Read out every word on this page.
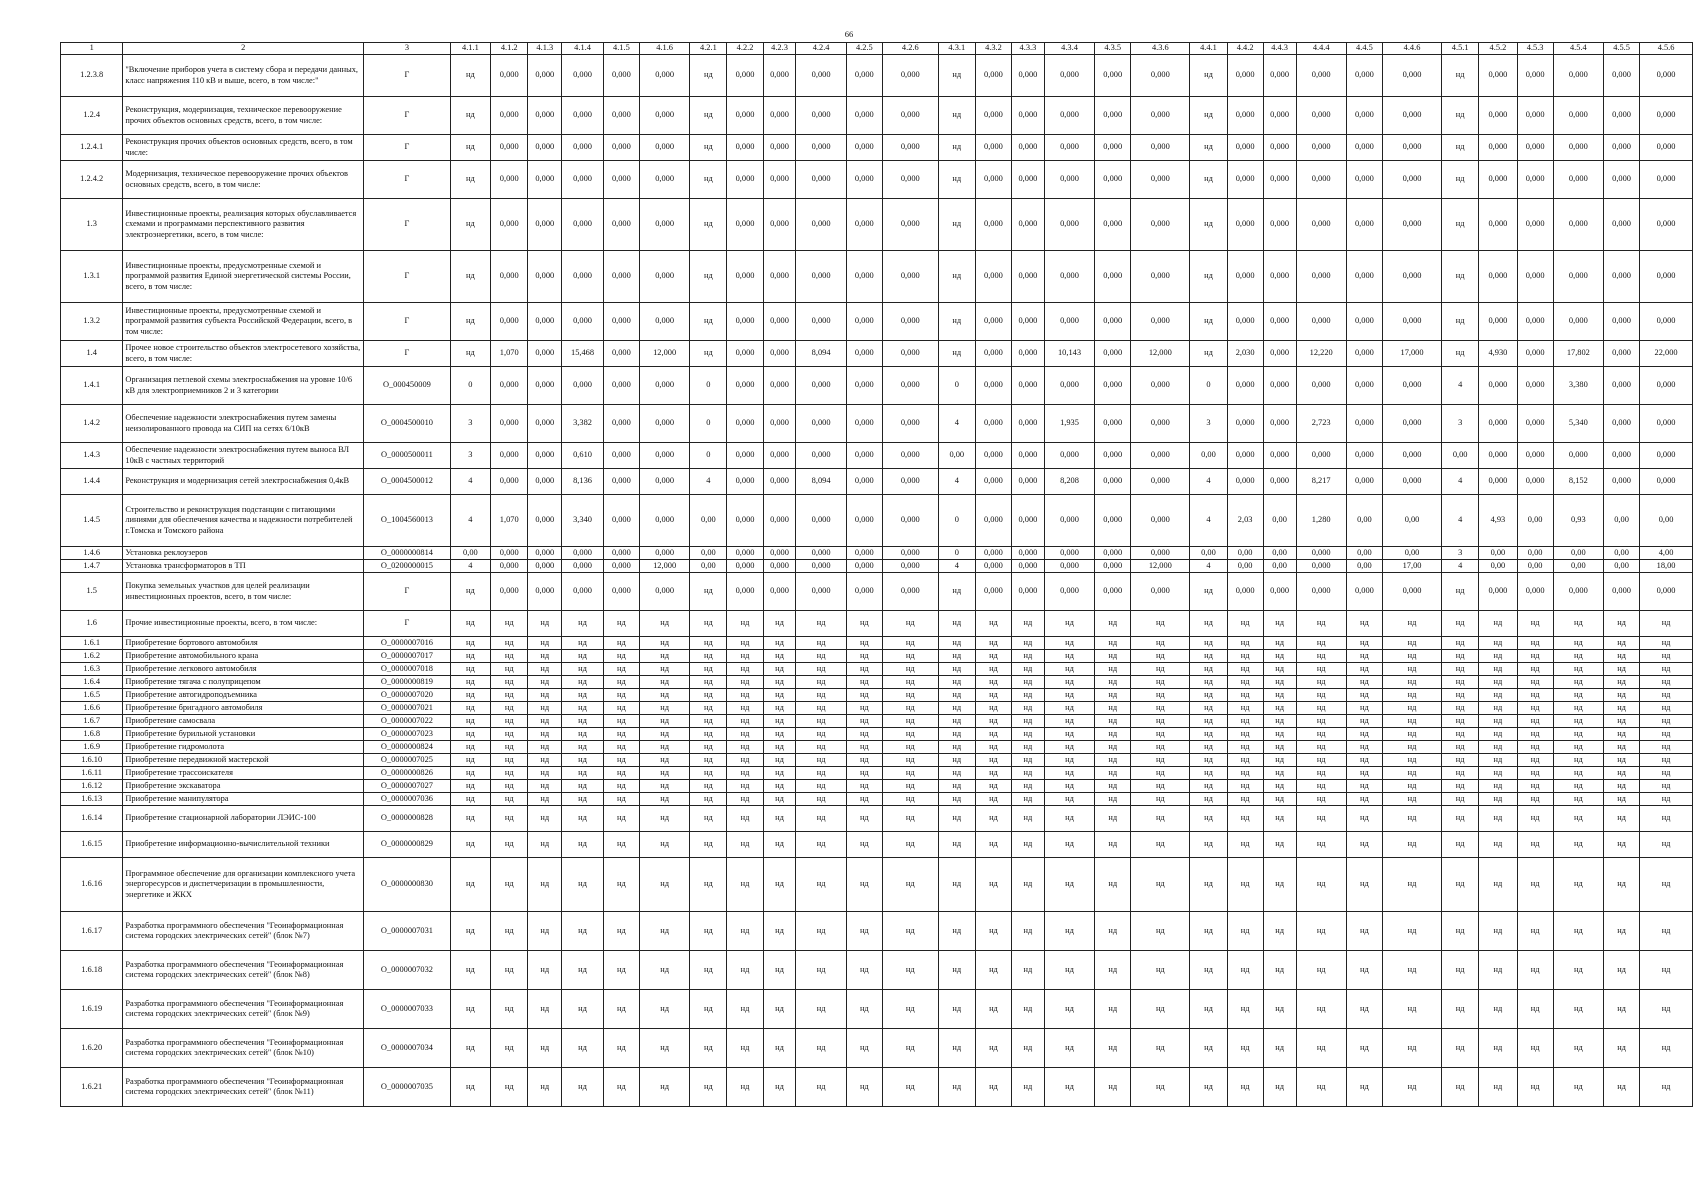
66
1	2	3	4.1.1	4.1.2	4.1.3	4.1.4	4.1.5	4.1.6	4.2.1	4.2.2	4.2.3	4.2.4	4.2.5	4.2.6	4.3.1	4.3.2	4.3.3	4.3.4	4.3.5	4.3.6	4.4.1	4.4.2	4.4.3	4.4.4	4.4.5	4.4.6	4.5.1	4.5.2	4.5.3	4.5.4	4.5.5	4.5.6
1.2.3.8	"Включение приборов учета в систему сбора и передачи данных, класс напряжения 110 кВ и выше, всего, в том числе:"	Г	нд	0,000	0,000	0,000	0,000	0,000	нд	0,000	0,000	0,000	0,000	0,000	нд	0,000	0,000	0,000	0,000	0,000	нд	0,000	0,000	0,000	0,000	0,000	нд	0,000	0,000	0,000	0,000	0,000
1.2.4	Реконструкция, модернизация, техническое перевооружение прочих объектов основных средств, всего, в том числе:	Г	нд	0,000	0,000	0,000	0,000	0,000	нд	0,000	0,000	0,000	0,000	0,000	нд	0,000	0,000	0,000	0,000	0,000	нд	0,000	0,000	0,000	0,000	0,000	нд	0,000	0,000	0,000	0,000	0,000
1.2.4.1	Реконструкция прочих объектов основных средств, всего, в том числе:	Г	нд	0,000	0,000	0,000	0,000	0,000	нд	0,000	0,000	0,000	0,000	0,000	нд	0,000	0,000	0,000	0,000	0,000	нд	0,000	0,000	0,000	0,000	0,000	нд	0,000	0,000	0,000	0,000	0,000
1.2.4.2	Модернизация, техническое перевооружение прочих объектов основных средств, всего, в том числе:	Г	нд	0,000	0,000	0,000	0,000	0,000	нд	0,000	0,000	0,000	0,000	0,000	нд	0,000	0,000	0,000	0,000	0,000	нд	0,000	0,000	0,000	0,000	0,000	нд	0,000	0,000	0,000	0,000	0,000
1.3	Инвестиционные проекты, реализация которых обуславливается схемами и программами перспективного развития электроэнергетики, всего, в том числе:	Г	нд	0,000	0,000	0,000	0,000	0,000	нд	0,000	0,000	0,000	0,000	0,000	нд	0,000	0,000	0,000	0,000	0,000	нд	0,000	0,000	0,000	0,000	0,000	нд	0,000	0,000	0,000	0,000	0,000
1.3.1	Инвестиционные проекты, предусмотренные схемой и программой развития Единой энергетической системы России, всего, в том числе:	Г	нд	0,000	0,000	0,000	0,000	0,000	нд	0,000	0,000	0,000	0,000	0,000	нд	0,000	0,000	0,000	0,000	0,000	нд	0,000	0,000	0,000	0,000	0,000	нд	0,000	0,000	0,000	0,000	0,000
1.3.2	Инвестиционные проекты, предусмотренные схемой и программой развития субъекта Российской Федерации, всего, в том числе:	Г	нд	0,000	0,000	0,000	0,000	0,000	нд	0,000	0,000	0,000	0,000	0,000	нд	0,000	0,000	0,000	0,000	0,000	нд	0,000	0,000	0,000	0,000	0,000	нд	0,000	0,000	0,000	0,000	0,000
1.4	Прочее новое строительство объектов электросетевого хозяйства, всего, в том числе:	Г	нд	1,070	0,000	15,468	0,000	12,000	нд	0,000	0,000	8,094	0,000	0,000	нд	0,000	0,000	10,143	0,000	12,000	нд	2,030	0,000	12,220	0,000	17,000	нд	4,930	0,000	17,802	0,000	22,000
1.4.1	Организация петлевой схемы электроснабжения на уровне 10/6 кВ для электроприемников 2 и 3 категории	О_000450009	0	0,000	0,000	0,000	0,000	0,000	0	0,000	0,000	0,000	0,000	0,000	0	0,000	0,000	0,000	0,000	0,000	0	0,000	0,000	0,000	0,000	0,000	4	0,000	0,000	3,380	0,000	0,000
1.4.2	Обеспечение надежности электроснабжения путем замены неизолированного провода на СИП на сетях 6/10кВ	О_0004500010	3	0,000	0,000	3,382	0,000	0,000	0	0,000	0,000	0,000	0,000	0,000	4	0,000	0,000	1,935	0,000	0,000	3	0,000	0,000	2,723	0,000	0,000	3	0,000	0,000	5,340	0,000	0,000
1.4.3	Обеспечение надежности электроснабжения путем выноса ВЛ 10кВ с частных территорий	О_0000500011	3	0,000	0,000	0,610	0,000	0,000	0	0,000	0,000	0,000	0,000	0,000	0,00	0,000	0,000	0,000	0,000	0,000	0,00	0,000	0,000	0,000	0,000	0,000	0,00	0,000	0,000	0,000	0,000	0,000
1.4.4	Реконструкция и модернизация сетей электроснабжения 0,4кВ	О_0004500012	4	0,000	0,000	8,136	0,000	0,000	4	0,000	0,000	8,094	0,000	0,000	4	0,000	0,000	8,208	0,000	0,000	4	0,000	0,000	8,217	0,000	0,000	4	0,000	0,000	8,152	0,000	0,000
1.4.5	Строительство и реконструкция подстанции с питающими линиями для обеспечения качества и надежности потребителей г.Томска и Томского района	О_1004560013	4	1,070	0,000	3,340	0,000	0,000	0,00	0,000	0,000	0,000	0,000	0,000	0	0,000	0,000	0,000	0,000	0,000	4	2,03	0,00	1,280	0,00	0,00	4	4,93	0,00	0,93	0,00	0,00
1.4.6	Установка реклоузеров	О_0000000814	0,00	0,000	0,000	0,000	0,000	0,000	0,00	0,000	0,000	0,000	0,000	0,000	0	0,000	0,000	0,000	0,000	0,000	0,00	0,00	0,00	0,000	0,00	0,00	3	0,00	0,00	0,00	0,00	4,00
1.4.7	Установка трансформаторов в ТП	О_0200000015	4	0,000	0,000	0,000	0,000	12,000	0,00	0,000	0,000	0,000	0,000	0,000	4	0,000	0,000	0,000	0,000	12,000	4	0,00	0,00	0,000	0,00	17,00	4	0,00	0,00	0,00	0,00	18,00
1.5	Покупка земельных участков для целей реализации инвестиционных проектов, всего, в том числе:	Г	нд	0,000	0,000	0,000	0,000	0,000	нд	0,000	0,000	0,000	0,000	0,000	нд	0,000	0,000	0,000	0,000	0,000	нд	0,000	0,000	0,000	0,000	0,000	нд	0,000	0,000	0,000	0,000	0,000
1.6	Прочие инвестиционные проекты, всего, в том числе:	Г	нд	нд	нд	нд	нд	нд	нд	нд	нд	нд	нд	нд	нд	нд	нд	нд	нд	нд	нд	нд	нд	нд	нд	нд	нд	нд	нд	нд	нд	нд
1.6.1	Приобретение бортового автомобиля	О_0000007016	нд	нд	нд	нд	нд	нд	нд	нд	нд	нд	нд	нд	нд	нд	нд	нд	нд	нд	нд	нд	нд	нд	нд	нд	нд	нд	нд	нд	нд	нд
1.6.2	Приобретение автомобильного крана	О_0000007017	нд	нд	нд	нд	нд	нд	нд	нд	нд	нд	нд	нд	нд	нд	нд	нд	нд	нд	нд	нд	нд	нд	нд	нд	нд	нд	нд	нд	нд	нд
1.6.3	Приобретение легкового автомобиля	О_0000007018	нд	нд	нд	нд	нд	нд	нд	нд	нд	нд	нд	нд	нд	нд	нд	нд	нд	нд	нд	нд	нд	нд	нд	нд	нд	нд	нд	нд	нд	нд
1.6.4	Приобретение тягача с полуприцепом	О_0000000819	нд	нд	нд	нд	нд	нд	нд	нд	нд	нд	нд	нд	нд	нд	нд	нд	нд	нд	нд	нд	нд	нд	нд	нд	нд	нд	нд	нд	нд	нд
1.6.5	Приобретение автогидроподъемника	О_0000007020	нд	нд	нд	нд	нд	нд	нд	нд	нд	нд	нд	нд	нд	нд	нд	нд	нд	нд	нд	нд	нд	нд	нд	нд	нд	нд	нд	нд	нд	нд
1.6.6	Приобретение бригадного автомобиля	О_0000007021	нд	нд	нд	нд	нд	нд	нд	нд	нд	нд	нд	нд	нд	нд	нд	нд	нд	нд	нд	нд	нд	нд	нд	нд	нд	нд	нд	нд	нд	нд
1.6.7	Приобретение самосвала	О_0000007022	нд	нд	нд	нд	нд	нд	нд	нд	нд	нд	нд	нд	нд	нд	нд	нд	нд	нд	нд	нд	нд	нд	нд	нд	нд	нд	нд	нд	нд	нд
1.6.8	Приобретение бурильной установки	О_0000007023	нд	нд	нд	нд	нд	нд	нд	нд	нд	нд	нд	нд	нд	нд	нд	нд	нд	нд	нд	нд	нд	нд	нд	нд	нд	нд	нд	нд	нд	нд
1.6.9	Приобретение гидромолота	О_0000000824	нд	нд	нд	нд	нд	нд	нд	нд	нд	нд	нд	нд	нд	нд	нд	нд	нд	нд	нд	нд	нд	нд	нд	нд	нд	нд	нд	нд	нд	нд
1.6.10	Приобретение передвижной мастерской	О_0000007025	нд	нд	нд	нд	нд	нд	нд	нд	нд	нд	нд	нд	нд	нд	нд	нд	нд	нд	нд	нд	нд	нд	нд	нд	нд	нд	нд	нд	нд	нд
1.6.11	Приобретение трассоискателя	О_0000000826	нд	нд	нд	нд	нд	нд	нд	нд	нд	нд	нд	нд	нд	нд	нд	нд	нд	нд	нд	нд	нд	нд	нд	нд	нд	нд	нд	нд	нд	нд
1.6.12	Приобретение экскаватора	О_0000007027	нд	нд	нд	нд	нд	нд	нд	нд	нд	нд	нд	нд	нд	нд	нд	нд	нд	нд	нд	нд	нд	нд	нд	нд	нд	нд	нд	нд	нд	нд
1.6.13	Приобретение манипулятора	О_0000007036	нд	нд	нд	нд	нд	нд	нд	нд	нд	нд	нд	нд	нд	нд	нд	нд	нд	нд	нд	нд	нд	нд	нд	нд	нд	нд	нд	нд	нд	нд
1.6.14	Приобретение стационарной лаборатории ЛЭИС-100	О_0000000828	нд	нд	нд	нд	нд	нд	нд	нд	нд	нд	нд	нд	нд	нд	нд	нд	нд	нд	нд	нд	нд	нд	нд	нд	нд	нд	нд	нд	нд	нд
1.6.15	Приобретение информационно-вычислительной техники	О_0000000829	нд	нд	нд	нд	нд	нд	нд	нд	нд	нд	нд	нд	нд	нд	нд	нд	нд	нд	нд	нд	нд	нд	нд	нд	нд	нд	нд	нд	нд	нд
1.6.16	Программное обеспечение для организации комплексного учета энергоресурсов и диспетчеризации в промышленности, энергетике и ЖКХ	О_0000000830	нд	нд	нд	нд	нд	нд	нд	нд	нд	нд	нд	нд	нд	нд	нд	нд	нд	нд	нд	нд	нд	нд	нд	нд	нд	нд	нд	нд	нд	нд
1.6.17	Разработка программного обеспечения "Геоинформационная система городских электрических сетей" (блок №7)	О_0000007031	нд	нд	нд	нд	нд	нд	нд	нд	нд	нд	нд	нд	нд	нд	нд	нд	нд	нд	нд	нд	нд	нд	нд	нд	нд	нд	нд	нд	нд	нд
1.6.18	Разработка программного обеспечения "Геоинформационная система городских электрических сетей" (блок №8)	О_0000007032	нд	нд	нд	нд	нд	нд	нд	нд	нд	нд	нд	нд	нд	нд	нд	нд	нд	нд	нд	нд	нд	нд	нд	нд	нд	нд	нд	нд	нд	нд
1.6.19	Разработка программного обеспечения "Геоинформационная система городских электрических сетей" (блок №9)	О_0000007033	нд	нд	нд	нд	нд	нд	нд	нд	нд	нд	нд	нд	нд	нд	нд	нд	нд	нд	нд	нд	нд	нд	нд	нд	нд	нд	нд	нд	нд	нд
1.6.20	Разработка программного обеспечения "Геоинформационная система городских электрических сетей" (блок №10)	О_0000007034	нд	нд	нд	нд	нд	нд	нд	нд	нд	нд	нд	нд	нд	нд	нд	нд	нд	нд	нд	нд	нд	нд	нд	нд	нд	нд	нд	нд	нд	нд
1.6.21	Разработка программного обеспечения "Геоинформационная система городских электрических сетей" (блок №11)	О_0000007035	нд	нд	нд	нд	нд	нд	нд	нд	нд	нд	нд	нд	нд	нд	нд	нд	нд	нд	нд	нд	нд	нд	нд	нд	нд	нд	нд	нд	нд	нд
